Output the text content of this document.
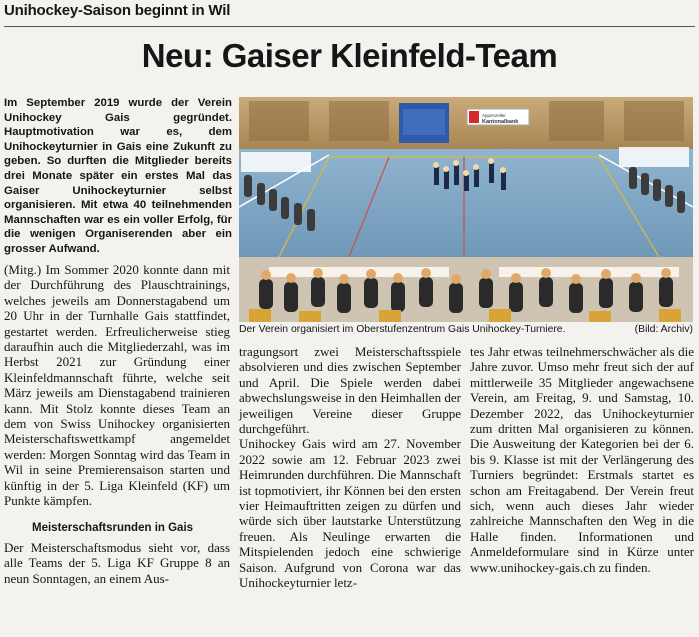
Unihockey-Saison beginnt in Wil
Neu: Gaiser Kleinfeld-Team

Im September 2019 wurde der Verein Unihockey Gais gegründet. Hauptmotivation war es, dem Unihockeyturnier in Gais eine Zukunft zu geben. So durften die Mitglieder bereits drei Monate später ein erstes Mal das Gaiser Unihockeyturnier selbst organisieren. Mit etwa 40 teilnehmenden Mannschaften war es ein voller Erfolg, für die wenigen Organiserenden aber ein grosser Aufwand.

Appenzeller
Kantonalbank
Der Verein organisiert im Oberstufenzentrum Gais Unihockey-Turniere.	(Bild: Archiv)

(Mitg.) Im Sommer 2020 konnte dann mit der Durchführung des Plauschtrainings, welches jeweils am Donnerstagabend um 20 Uhr in der Turnhalle Gais stattfindet, gestartet werden. Erfreulicherweise stieg daraufhin auch die Mitgliederzahl, was im Herbst 2021 zur Gründung einer Kleinfeldmannschaft führte, welche seit März jeweils am Dienstagabend trainieren kann. Mit Stolz konnte dieses Team an dem von Swiss Unihockey organisierten Meisterschaftswettkampf angemeldet werden: Morgen Sonntag wird das Team in Wil in seine Premierensaison starten und künftig in der 5. Liga Kleinfeld (KF) um Punkte kämpfen.

Meisterschaftsrunden in Gais

Der Meisterschaftsmodus sieht vor, dass alle Teams der 5. Liga KF Gruppe 8 an neun Sonntagen, an einem Aus-

tragungsort zwei Meisterschaftsspiele absolvieren und dies zwischen September und April. Die Spiele werden dabei abwechslungsweise in den Heimhallen der jeweiligen Vereine dieser Gruppe durchgeführt.

Unihockey Gais wird am 27. November 2022 sowie am 12. Februar 2023 zwei Heimrunden durchführen. Die Mannschaft ist topmotiviert, ihr Können bei den ersten vier Heimauftritten zeigen zu dürfen und würde sich über lautstarke Unterstützung freuen. Als Neulinge erwarten die Mitspielenden jedoch eine schwierige Saison. Aufgrund von Corona war das Unihockeyturnier letz-

tes Jahr etwas teilnehmerschwächer als die Jahre zuvor. Umso mehr freut sich der auf mittlerweile 35 Mitglieder angewachsene Verein, am Freitag, 9. und Samstag, 10. Dezember 2022, das Unihockeyturnier zum dritten Mal organisieren zu können. Die Ausweitung der Kategorien bei der 6. bis 9. Klasse ist mit der Verlängerung des Turniers begründet: Erstmals startet es schon am Freitagabend. Der Verein freut sich, wenn auch dieses Jahr wieder zahlreiche Mannschaften den Weg in die Halle finden. Informationen und Anmeldeformulare sind in Kürze unter www.unihockey-gais.ch zu finden.
